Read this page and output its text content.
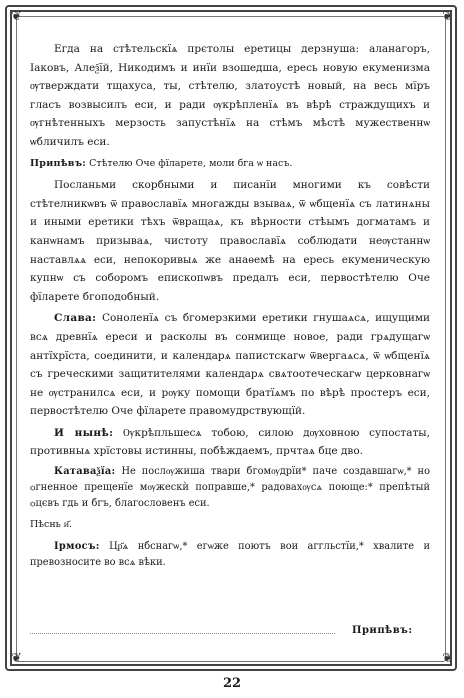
❦	❦
❦	❦

Егда на стѣтельскїѧ прєтолы еретицы дерзнуша: аланагоръ, Іаковъ, Алеѯїй, Никодимъ и инїи взошедша, ересь новую екуменизма ѹтверждати тщахуса, ты, стѣтелю, златоустѣ новый, на весь мїръ гласъ возвысилъ еси, и ради ѹкрѣпленїѧ въ вѣрѣ страждущихъ и ѹгнѣтенныхъ мерзость запустѣнїѧ на стѣмъ мѣстѣ мужественнѡ ѡбличилъ еси.

Припѣвъ: Стѣтелю Оче фїларете, моли бга ѡ насъ.

Посланьми скорбными и писанїи многими къ совѣсти стѣтелникѡвъ ѿ православїѧ многажды взываѧ, ѿ ѡбщенїѧ съ латинѧны и иными еретики тѣхъ ѿвращаѧ, къ вѣрности стѣымъ догматамъ и канѡнамъ призываѧ, чистоту православїѧ соблюдати неѹстаннѡ наставлѧѧ еси, непокоривыѧ же анаѳемѣ на ересь екуменическую купнѡ съ соборомъ епископѡвъ предалъ еси, первостѣтелю Оче фїларете бгоподобный.

Слава: Соноленїѧ съ бгомерзкими еретики гнушаѧсѧ, ищущими всѧ древнїѧ ереси и расколы въ сонмище новое, ради грѧдущагѡ антїхрїста, соединити, и календарѧ папистскагѡ ѿвергаѧсѧ, ѿ ѡбщенїѧ съ греческими защитителями календарѧ свѧтоотеческагѡ церковнагѡ не ѹстранилсѧ еси, и рѹку помощи братїѧмъ по вѣрѣ простеръ еси, первостѣтелю Оче фїларете правомудрствующїй.

И нынѣ: Ѹкрѣпльшесѧ тобою, силою дѹховною супостаты, противныѧ хрїстовы истинны, побѣждаемъ, прчтаѧ бце дво.

Катаваѯїа: Не послѹжиша твари бгомѹдрїи* паче создавшагѡ,* но ѻгненное прещенїе мѹжескѝ поправше,* радовахѹсѧ поюще:* препѣтый ѻцєвъ гдь и бгъ, благословенъ еси.

Пѣснь и҃.

Ірмосъ: Цр҃ѧ нбснагѡ,* егѡже поютъ вои аггльстїи,* хвалите и превозносите во всѧ вѣки.

Припѣвъ:
22
